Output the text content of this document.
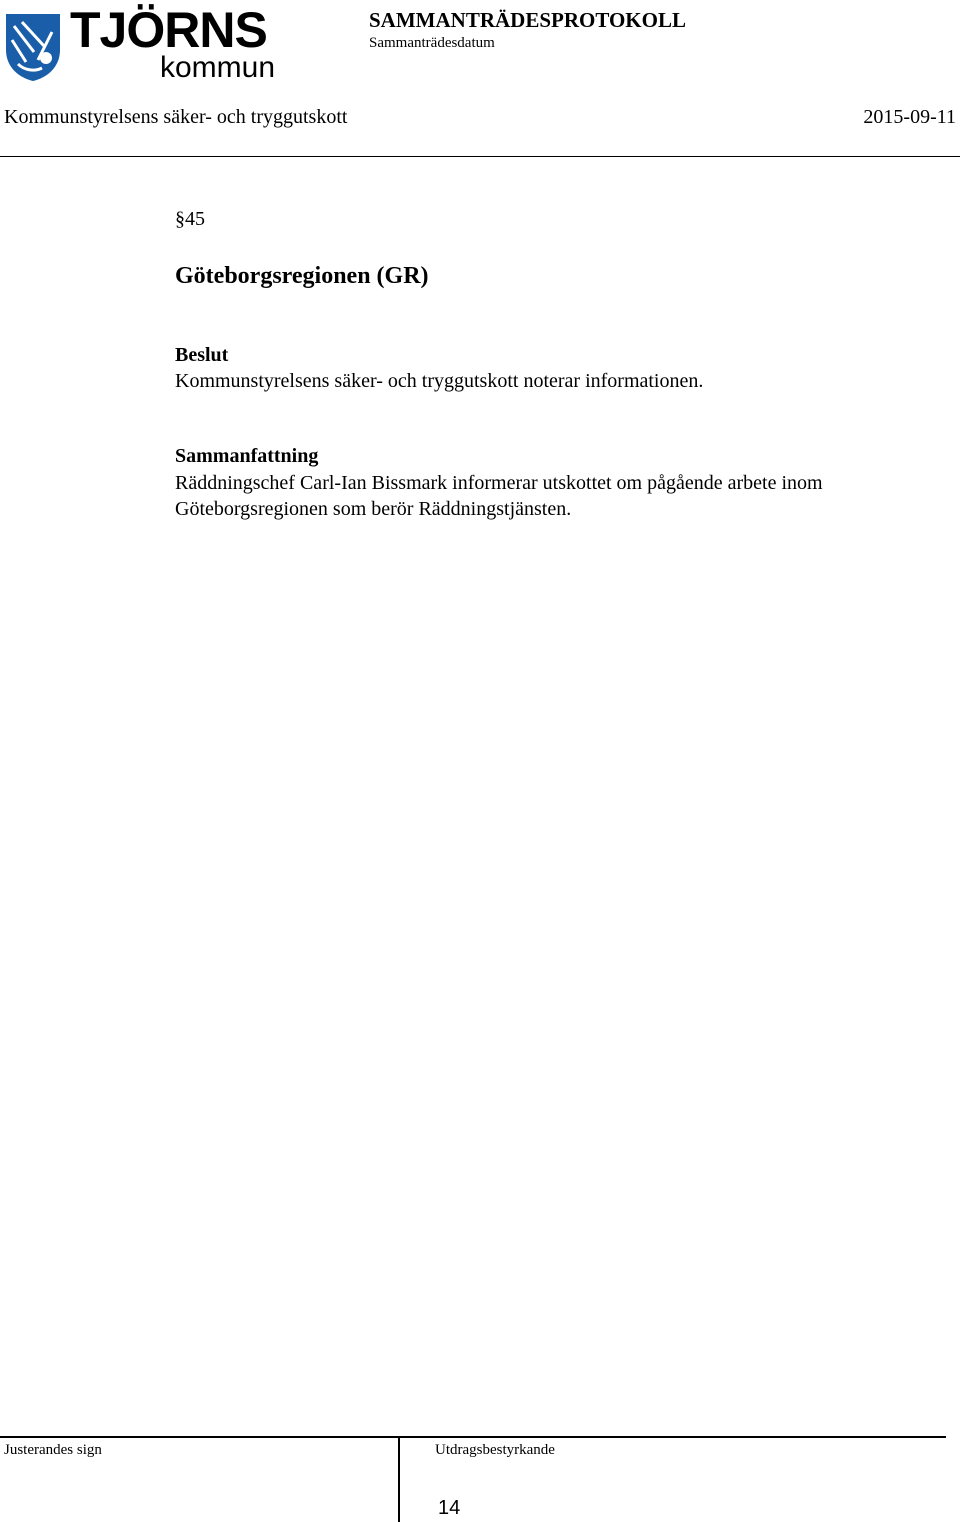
TJÖRNS
kommun
SAMMANTRÄDESPROTOKOLL
Sammanträdesdatum
Kommunstyrelsens säker- och tryggutskott	2015-09-11
§45
Göteborgsregionen (GR)
Beslut
Kommunstyrelsens säker- och tryggutskott noterar informationen.
Sammanfattning
Räddningschef Carl-Ian Bissmark informerar utskottet om pågående arbete inom Göteborgsregionen som berör Räddningstjänsten.
Justerandes sign	Utdragsbestyrkande
14
